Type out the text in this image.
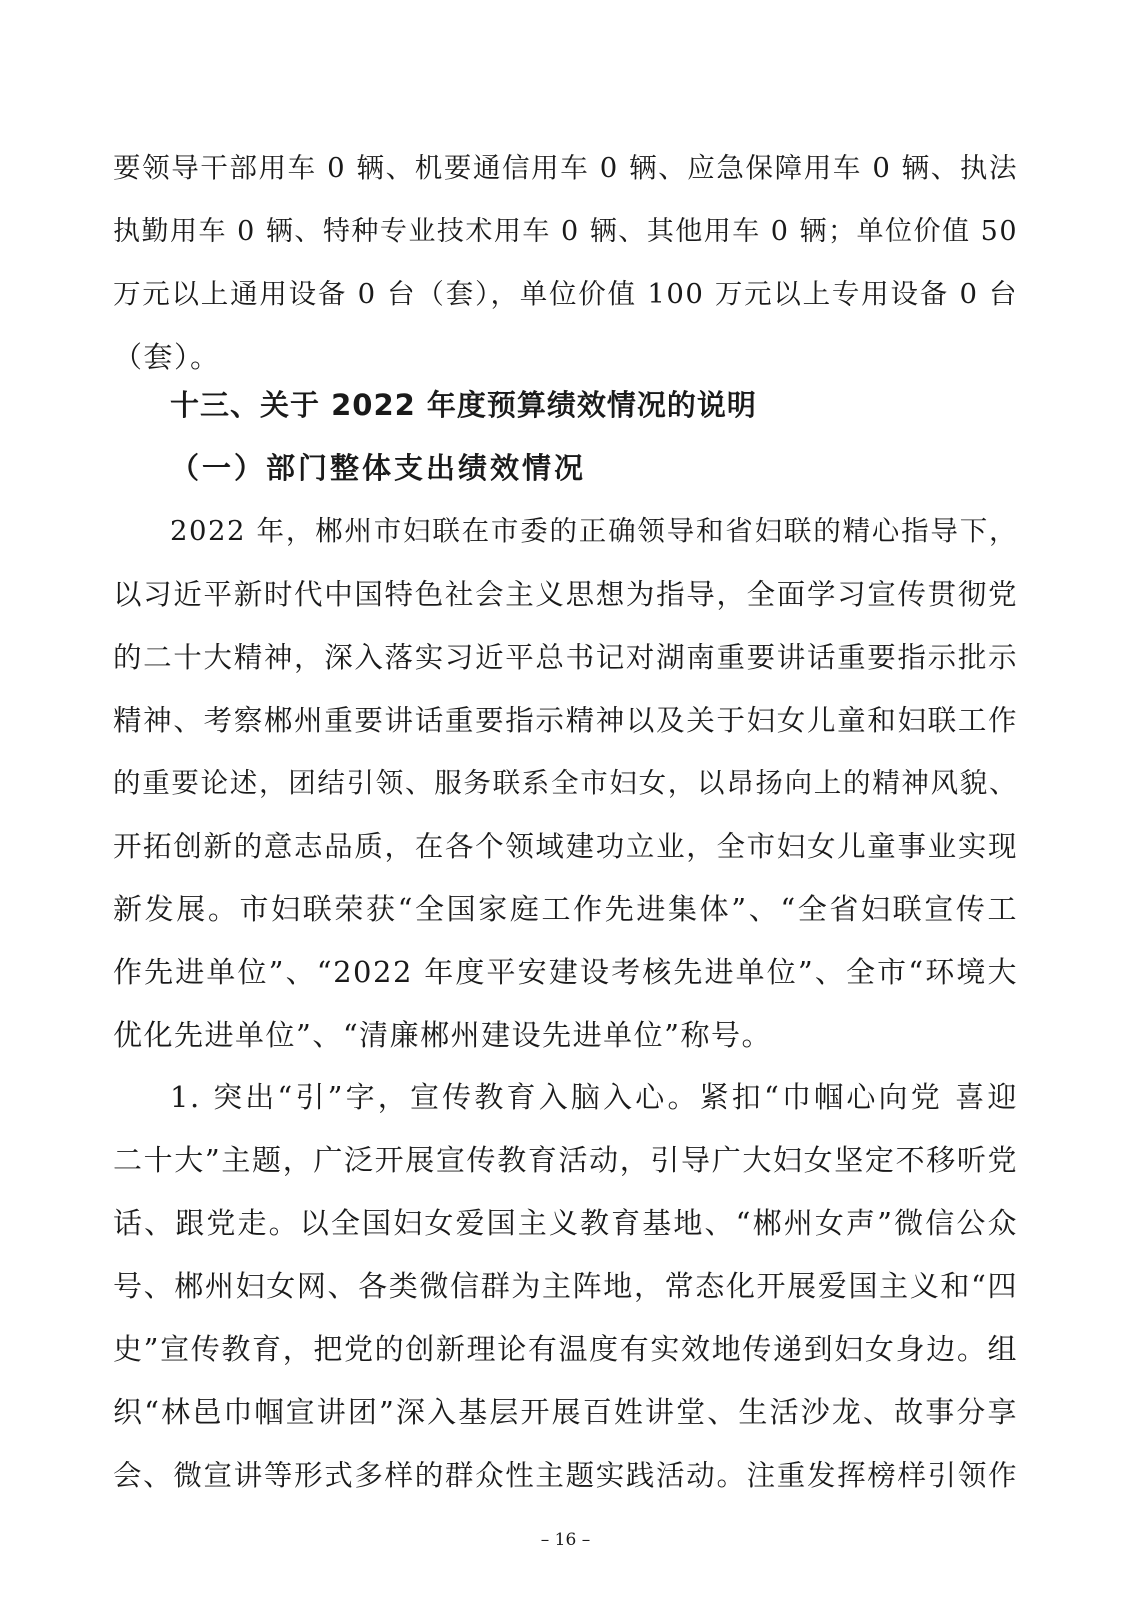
要领导干部用车 0 辆、机要通信用车 0 辆、应急保障用车 0 辆、执法
执勤用车 0 辆、特种专业技术用车 0 辆、其他用车 0 辆；单位价值 50
万元以上通用设备 0 台（套），单位价值 100 万元以上专用设备 0 台
（套）。
十三、关于 2022 年度预算绩效情况的说明
（一）部门整体支出绩效情况
2022 年，郴州市妇联在市委的正确领导和省妇联的精心指导下，
以习近平新时代中国特色社会主义思想为指导，全面学习宣传贯彻党
的二十大精神，深入落实习近平总书记对湖南重要讲话重要指示批示
精神、考察郴州重要讲话重要指示精神以及关于妇女儿童和妇联工作
的重要论述，团结引领、服务联系全市妇女，以昂扬向上的精神风貌、
开拓创新的意志品质，在各个领域建功立业，全市妇女儿童事业实现
新发展。市妇联荣获“全国家庭工作先进集体”、“全省妇联宣传工
作先进单位”、“2022 年度平安建设考核先进单位”、全市“环境大
优化先进单位”、“清廉郴州建设先进单位”称号。
1. 突出“引”字，宣传教育入脑入心。紧扣“巾帼心向党 喜迎
二十大”主题，广泛开展宣传教育活动，引导广大妇女坚定不移听党
话、跟党走。以全国妇女爱国主义教育基地、“郴州女声”微信公众
号、郴州妇女网、各类微信群为主阵地，常态化开展爱国主义和“四
史”宣传教育，把党的创新理论有温度有实效地传递到妇女身边。组
织“林邑巾帼宣讲团”深入基层开展百姓讲堂、生活沙龙、故事分享
会、微宣讲等形式多样的群众性主题实践活动。注重发挥榜样引领作
– 16 –
